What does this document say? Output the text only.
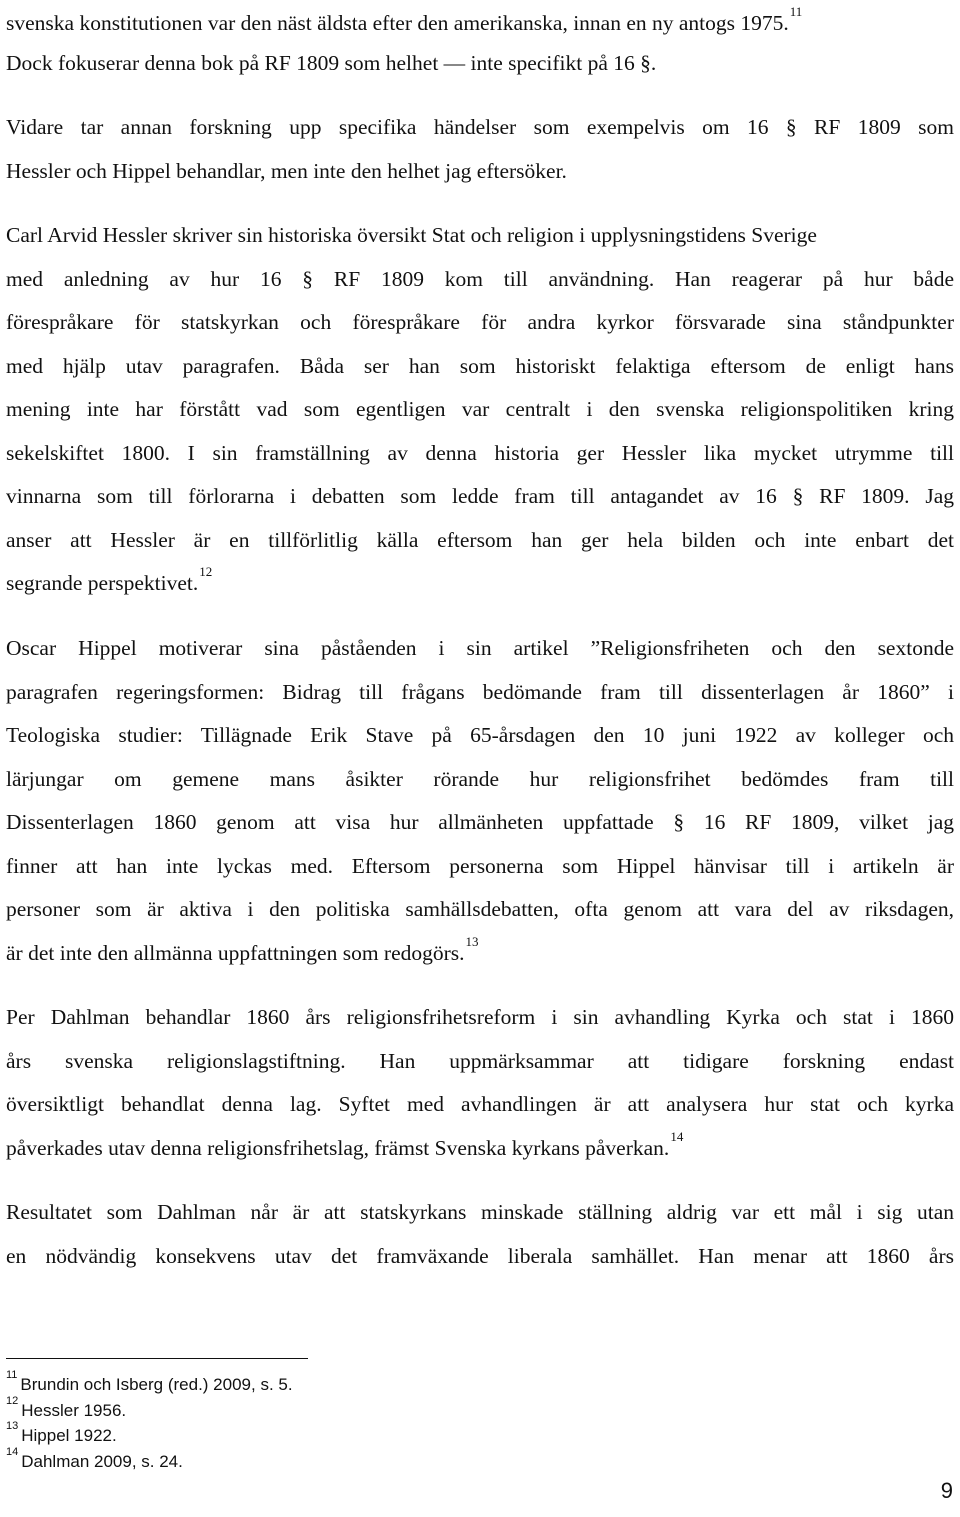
svenska konstitutionen var den näst äldsta efter den amerikanska, innan en ny antogs 1975.11
Dock fokuserar denna bok på RF 1809 som helhet — inte specifikt på 16 §.
Vidare tar annan forskning upp specifika händelser som exempelvis om 16 § RF 1809 som
Hessler och Hippel behandlar, men inte den helhet jag eftersöker.
Carl Arvid Hessler skriver sin historiska översikt Stat och religion i upplysningstidens Sverige
med anledning av hur 16 § RF 1809 kom till användning. Han reagerar på hur både
förespråkare för statskyrkan och förespråkare för andra kyrkor försvarade sina ståndpunkter
med hjälp utav paragrafen. Båda ser han som historiskt felaktiga eftersom de enligt hans
mening inte har förstått vad som egentligen var centralt i den svenska religionspolitiken kring
sekelskiftet 1800. I sin framställning av denna historia ger Hessler lika mycket utrymme till
vinnarna som till förlorarna i debatten som ledde fram till antagandet av 16 § RF 1809. Jag
anser att Hessler är en tillförlitlig källa eftersom han ger hela bilden och inte enbart det
segrande perspektivet.$^{12}$
Oscar Hippel motiverar sina påståenden i sin artikel ”Religionsfriheten och den sextonde
paragrafen regeringsformen: Bidrag till frågans bedömande fram till dissenterlagen år 1860” i
Teologiska studier: Tillägnade Erik Stave på 65-årsdagen den 10 juni 1922 av kolleger och
lärjungar om gemene mans åsikter rörande hur religionsfrihet bedömdes fram till
Dissenterlagen 1860 genom att visa hur allmänheten uppfattade § 16 RF 1809, vilket jag
finner att han inte lyckas med. Eftersom personerna som Hippel hänvisar till i artikeln är
personer som är aktiva i den politiska samhällsdebatten, ofta genom att vara del av riksdagen,
är det inte den allmänna uppfattningen som redogörs.$^{13}$
Per Dahlman behandlar 1860 års religionsfrihetsreform i sin avhandling Kyrka och stat i 1860
års svenska religionslagstiftning. Han uppmärksammar att tidigare forskning endast
översiktligt behandlat denna lag. Syftet med avhandlingen är att analysera hur stat och kyrka
påverkades utav denna religionsfrihetslag, främst Svenska kyrkans påverkan.$^{14}$
Resultatet som Dahlman når är att statskyrkans minskade ställning aldrig var ett mål i sig utan
en nödvändig konsekvens utav det framväxande liberala samhället. Han menar att 1860 års
$^{11}$ Brundin och Isberg (red.) 2009, s. 5.
$^{12}$ Hessler 1956.
$^{13}$ Hippel 1922.
$^{14}$ Dahlman 2009, s. 24.
9
